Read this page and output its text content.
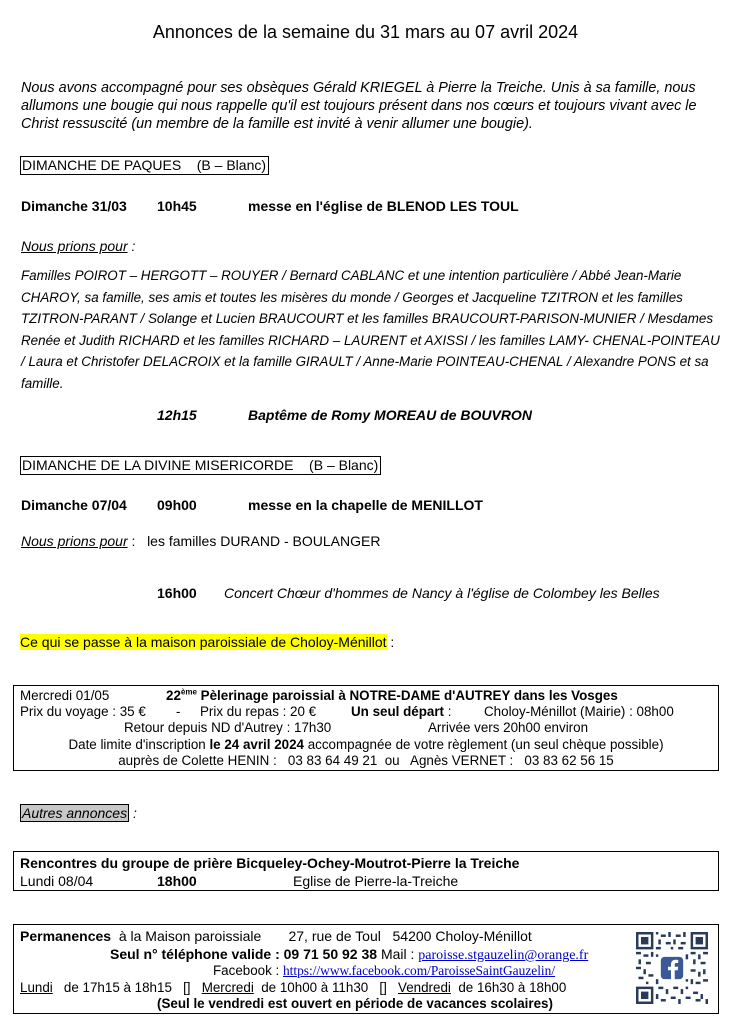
Annonces de la semaine du 31 mars au 07 avril 2024
Nous avons accompagné pour ses obsèques Gérald KRIEGEL à Pierre la Treiche. Unis à sa famille, nous allumons une bougie qui nous rappelle qu'il est toujours présent dans nos cœurs et toujours vivant avec le Christ ressuscité (un membre de la famille est invité à venir allumer une bougie).
DIMANCHE DE PAQUES    (B – Blanc)
Dimanche 31/03 10h45	messe en l'église de BLENOD LES TOUL
Nous prions pour :
Familles POIROT – HERGOTT – ROUYER / Bernard CABLANC et une intention particulière / Abbé Jean-Marie CHAROY, sa famille, ses amis et toutes les misères du monde / Georges et Jacqueline TZITRON et les familles TZITRON-PARANT / Solange et Lucien BRAUCOURT et les familles BRAUCOURT-PARISON-MUNIER / Mesdames Renée et Judith RICHARD et les familles RICHARD – LAURENT et AXISSI / les familles LAMY- CHENAL-POINTEAU / Laura et Christofer DELACROIX et la famille GIRAULT / Anne-Marie POINTEAU-CHENAL / Alexandre PONS et sa famille.
12h15	Baptême de Romy MOREAU de BOUVRON
DIMANCHE DE LA DIVINE MISERICORDE    (B – Blanc)
Dimanche 07/04 09h00	messe en la chapelle de MENILLOT
Nous prions pour :   les familles DURAND - BOULANGER
16h00 Concert Chœur d'hommes de Nancy à l'église de Colombey les Belles
Ce qui se passe à la maison paroissiale de Choloy-Ménillot :
Mercredi 01/05	22ème Pèlerinage paroissial à NOTRE-DAME d'AUTREY dans les Vosges
Prix du voyage : 35 € - Prix du repas : 20 €	Un seul départ : Choloy-Ménillot (Mairie) : 08h00
Retour depuis ND d'Autrey : 17h30	Arrivée vers 20h00 environ
Date limite d'inscription le 24 avril 2024 accompagnée de votre règlement (un seul chèque possible)
auprès de Colette HENIN :   03 83 64 49 21  ou   Agnès VERNET :   03 83 62 56 15
Autres annonces :
Rencontres du groupe de prière Bicqueley-Ochey-Moutrot-Pierre la Treiche
Lundi 08/04	18h00	Eglise de Pierre-la-Treiche
Permanences  à la Maison paroissiale       27, rue de Toul   54200 Choloy-Ménillot
Seul n° téléphone valide : 09 71 50 92 38 Mail : paroisse.stgauzelin@orange.fr
Facebook : https://www.facebook.com/ParoisseSaintGauzelin/
Lundi   de 17h15 à 18h15 [] Mercredi  de 10h00 à 11h30 [] Vendredi  de 16h30 à 18h00
(Seul le vendredi est ouvert en période de vacances scolaires)
